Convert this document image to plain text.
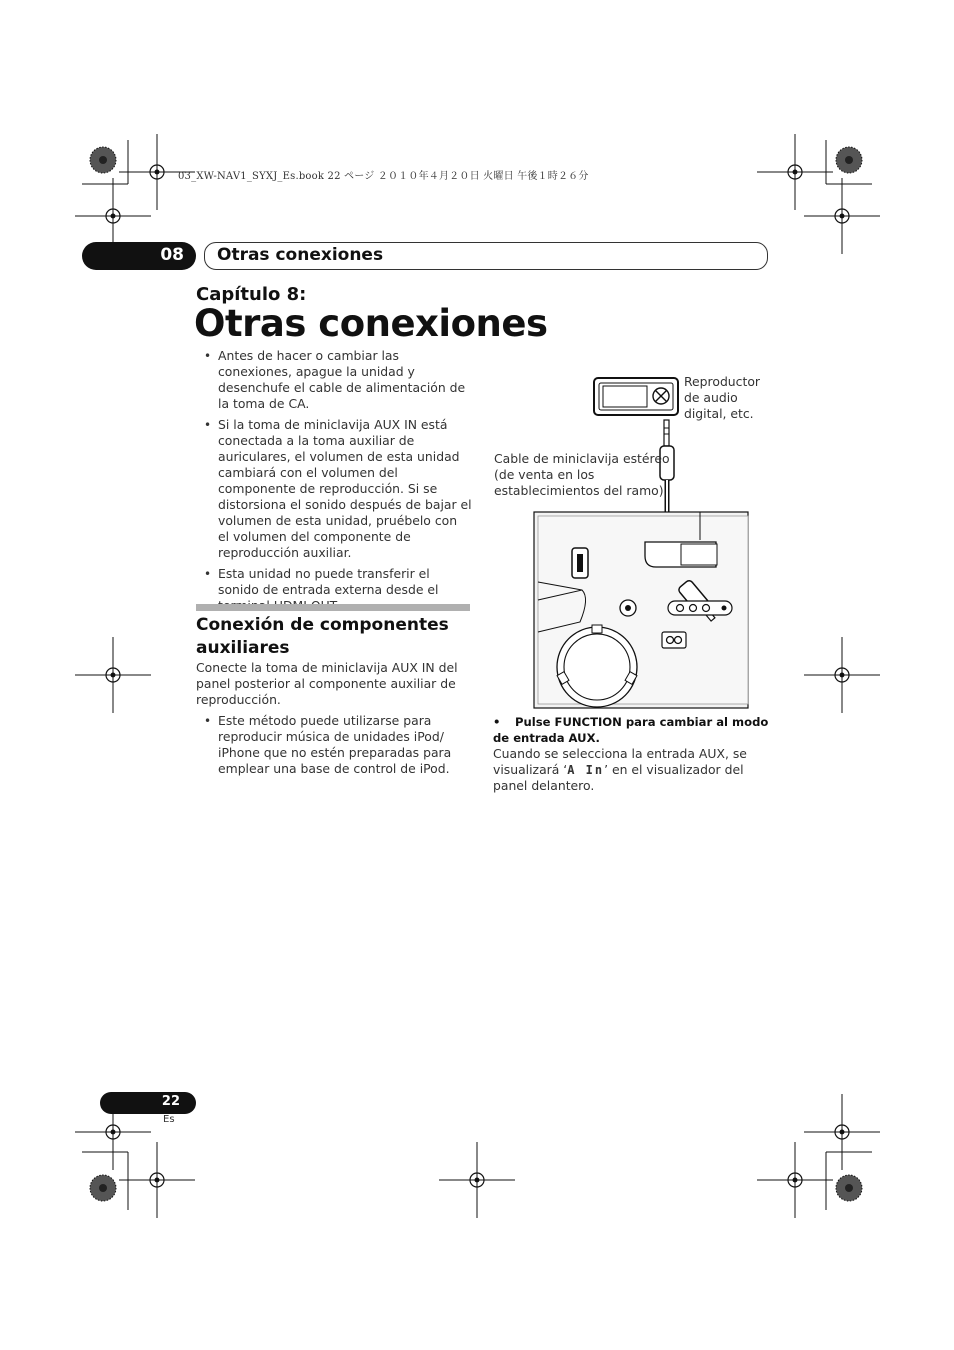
03_XW-NAV1_SYXJ_Es.book 22 ページ ２０１０年４月２０日 火曜日 午後１時２６分
08 Otras conexiones
Capítulo 8:
Otras conexiones
• Antes de hacer o cambiar las conexiones, apague la unidad y desenchufe el cable de alimentación de la toma de CA.
• Si la toma de miniclavija AUX IN está conectada a la toma auxiliar de auriculares, el volumen de esta unidad cambiará con el volumen del componente de reproducción. Si se distorsiona el sonido después de bajar el volumen de esta unidad, pruébelo con el volumen del componente de reproducción auxiliar.
• Esta unidad no puede transferir el sonido de entrada externa desde el
Conexión de componentes auxiliares
Conecte la toma de miniclavija AUX IN del panel posterior al componente auxiliar de reproducción.
• Este método puede utilizarse para reproducir música de unidades iPod/ iPhone que no estén preparadas para emplear una base de control de iPod.
Reproductor de audio digital, etc.
Cable de miniclavija estéreo (de venta en los establecimientos del ramo)
• Pulse FUNCTION para cambiar al modo de entrada AUX.
Cuando se selecciona la entrada AUX, se visualizará ‘A In’ en el visualizador del panel delantero.
22
Es
